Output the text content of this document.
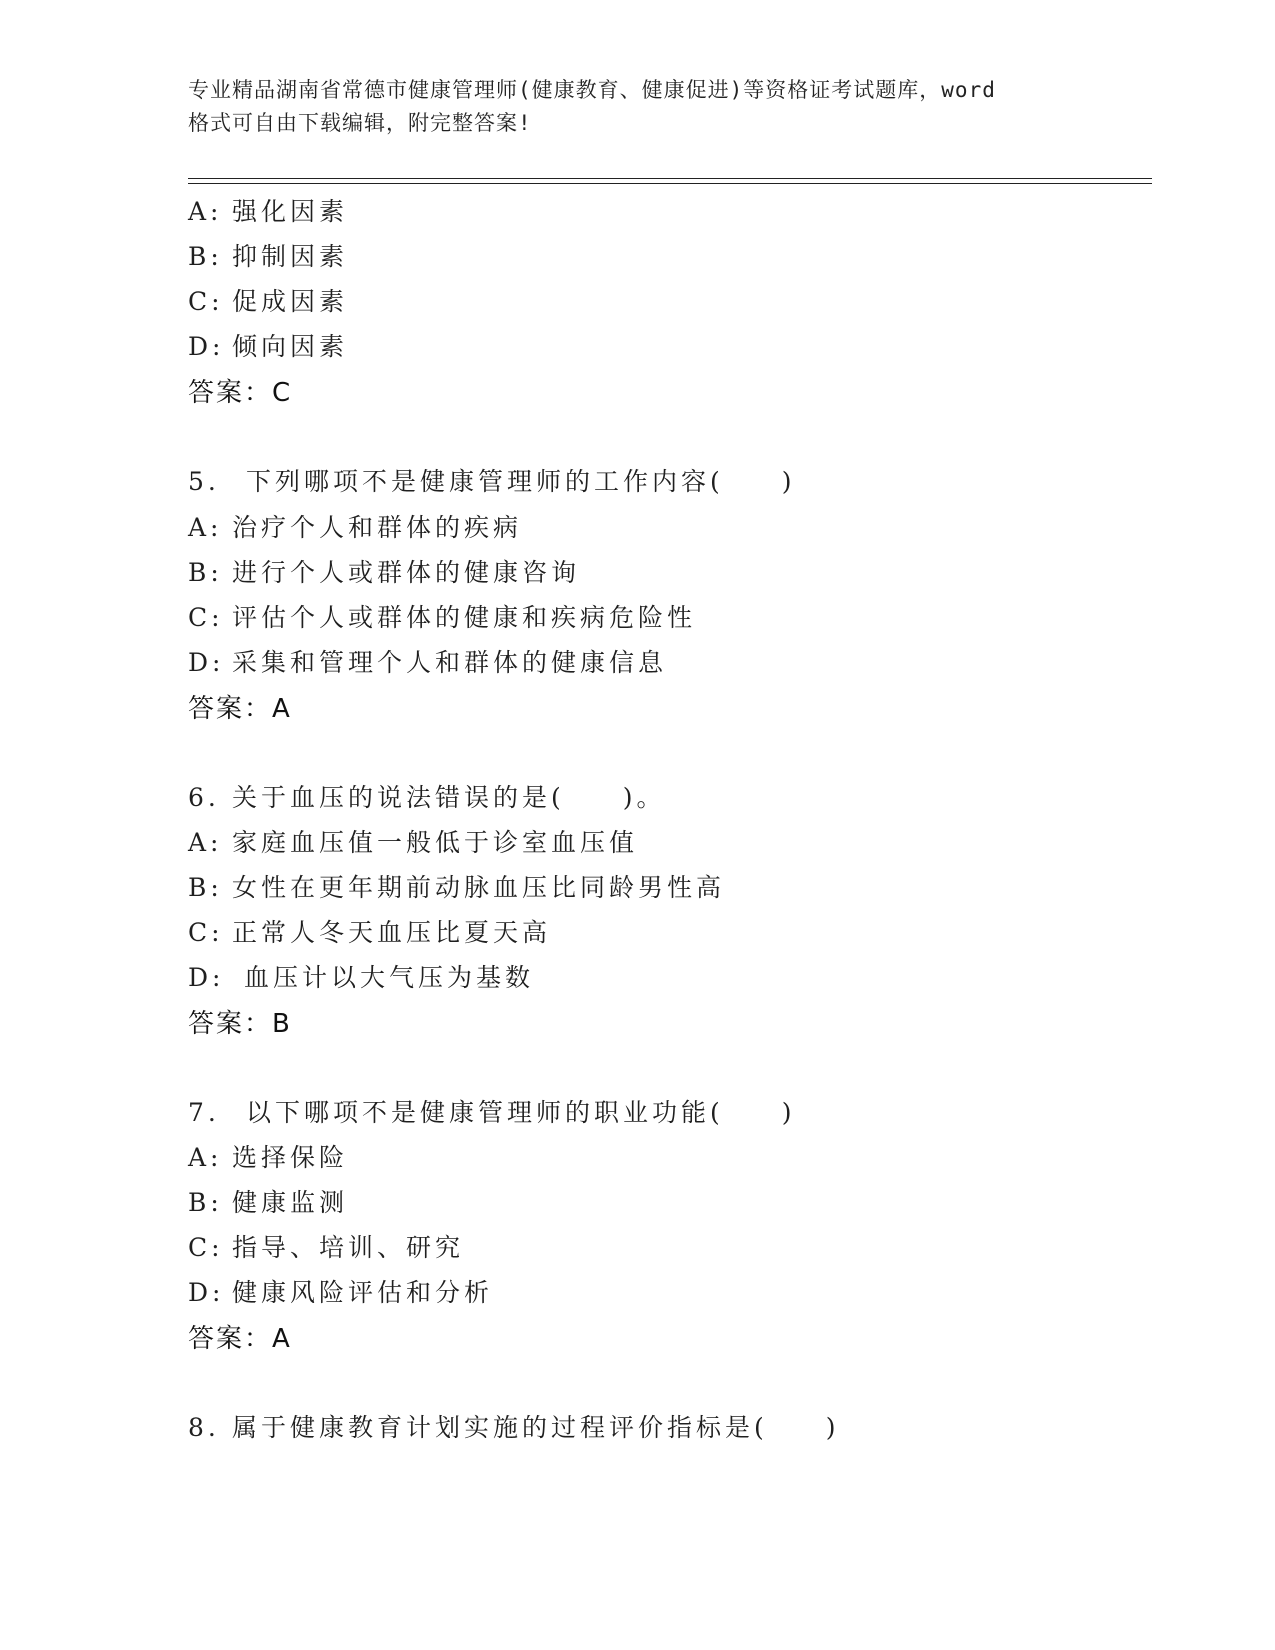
专业精品湖南省常德市健康管理师(健康教育、健康促进)等资格证考试题库，word
格式可自由下载编辑，附完整答案!
A: 强化因素
B: 抑制因素
C: 促成因素
D: 倾向因素
答案：C
5. 下列哪项不是健康管理师的工作内容(　　)
A: 治疗个人和群体的疾病
B: 进行个人或群体的健康咨询
C: 评估个人或群体的健康和疾病危险性
D: 采集和管理个人和群体的健康信息
答案：A
6. 关于血压的说法错误的是(　　)。
A: 家庭血压值一般低于诊室血压值
B: 女性在更年期前动脉血压比同龄男性高
C: 正常人冬天血压比夏天高
D: 血压计以大气压为基数
答案：B
7. 以下哪项不是健康管理师的职业功能(　　)
A: 选择保险
B: 健康监测
C: 指导、培训、研究
D: 健康风险评估和分析
答案：A
8. 属于健康教育计划实施的过程评价指标是(　　)
